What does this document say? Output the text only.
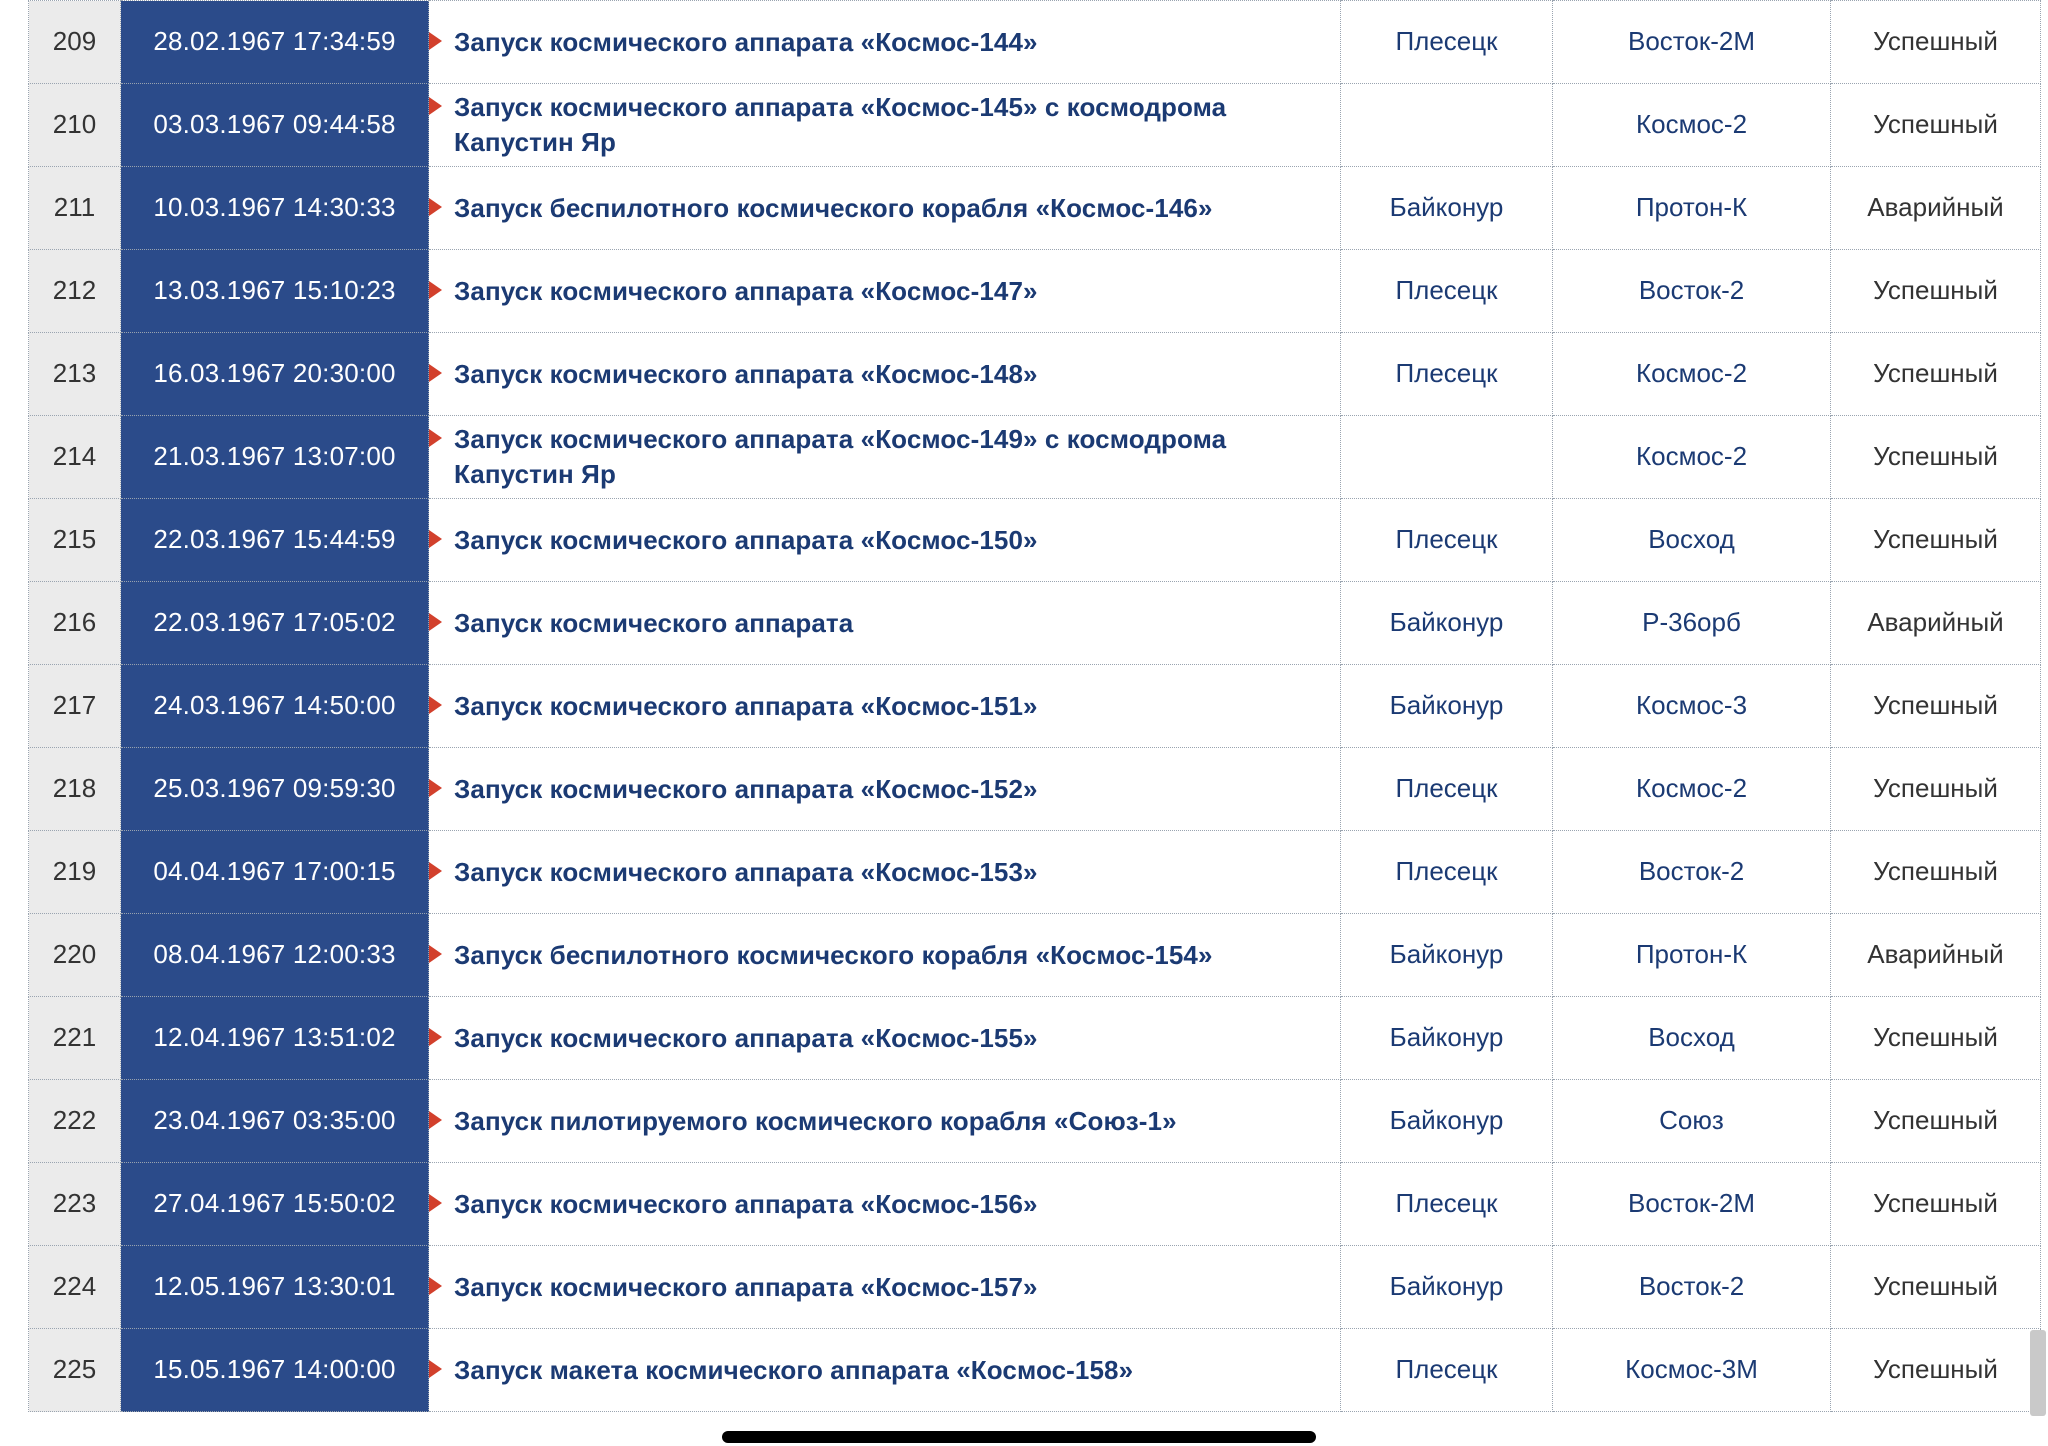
209	28.02.1967 17:34:59	Запуск космического аппарата «Космос-144»	Плесецк	Восток-2М	Успешный
210	03.03.1967 09:44:58	Запуск космического аппарата «Космос-145» с космодрома Капустин Яр		Космос-2	Успешный
211	10.03.1967 14:30:33	Запуск беспилотного космического корабля «Космос-146»	Байконур	Протон-К	Аварийный
212	13.03.1967 15:10:23	Запуск космического аппарата «Космос-147»	Плесецк	Восток-2	Успешный
213	16.03.1967 20:30:00	Запуск космического аппарата «Космос-148»	Плесецк	Космос-2	Успешный
214	21.03.1967 13:07:00	Запуск космического аппарата «Космос-149» с космодрома Капустин Яр		Космос-2	Успешный
215	22.03.1967 15:44:59	Запуск космического аппарата «Космос-150»	Плесецк	Восход	Успешный
216	22.03.1967 17:05:02	Запуск космического аппарата	Байконур	Р-36орб	Аварийный
217	24.03.1967 14:50:00	Запуск космического аппарата «Космос-151»	Байконур	Космос-3	Успешный
218	25.03.1967 09:59:30	Запуск космического аппарата «Космос-152»	Плесецк	Космос-2	Успешный
219	04.04.1967 17:00:15	Запуск космического аппарата «Космос-153»	Плесецк	Восток-2	Успешный
220	08.04.1967 12:00:33	Запуск беспилотного космического корабля «Космос-154»	Байконур	Протон-К	Аварийный
221	12.04.1967 13:51:02	Запуск космического аппарата «Космос-155»	Байконур	Восход	Успешный
222	23.04.1967 03:35:00	Запуск пилотируемого космического корабля «Союз-1»	Байконур	Союз	Успешный
223	27.04.1967 15:50:02	Запуск космического аппарата «Космос-156»	Плесецк	Восток-2М	Успешный
224	12.05.1967 13:30:01	Запуск космического аппарата «Космос-157»	Байконур	Восток-2	Успешный
225	15.05.1967 14:00:00	Запуск макета космического аппарата «Космос-158»	Плесецк	Космос-3М	Успешный
